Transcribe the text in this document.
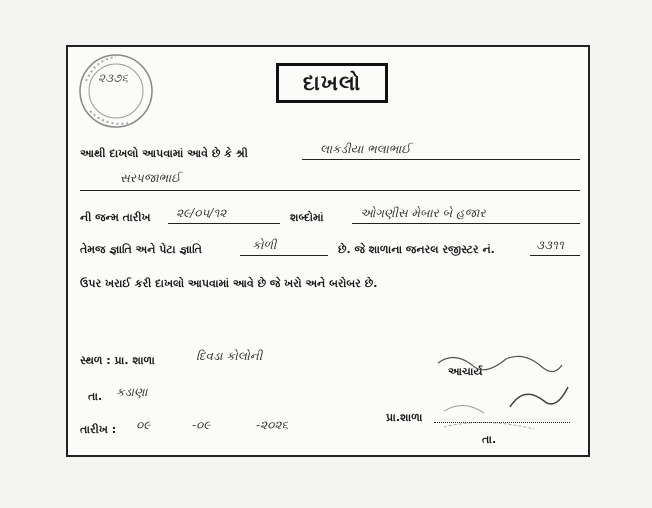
૨૩૭૬	દાખલો
આથી દાખલો આપવામાં આવે છે કે શ્રી	લાકડીયા ભલાભાઈ
સરપજાભાઈ
ની જન્મ તારીખ ૨૯/૦૫/૧૨	શબ્દોમાં	ઓગણીસ મેબાર બે હજાર
તેમજ જ્ઞાતિ અને પેટા જ્ઞાતિ	કોળી	છે. જે શાળાના જનરલ રજીસ્ટર નં.	૩૩૧૧
ઉપર ખરાઈ કરી દાખલો આપવામાં આવે છે જે ખરો અને બરોબર છે.
સ્થળ : પ્રા. શાળા	દિવડા કોલોની
તા. કડાણા
તારીખ : ૦૯	-૦૯	-૨૦૨૬
આચાર્ય
પ્રા.શાળા
તા.
